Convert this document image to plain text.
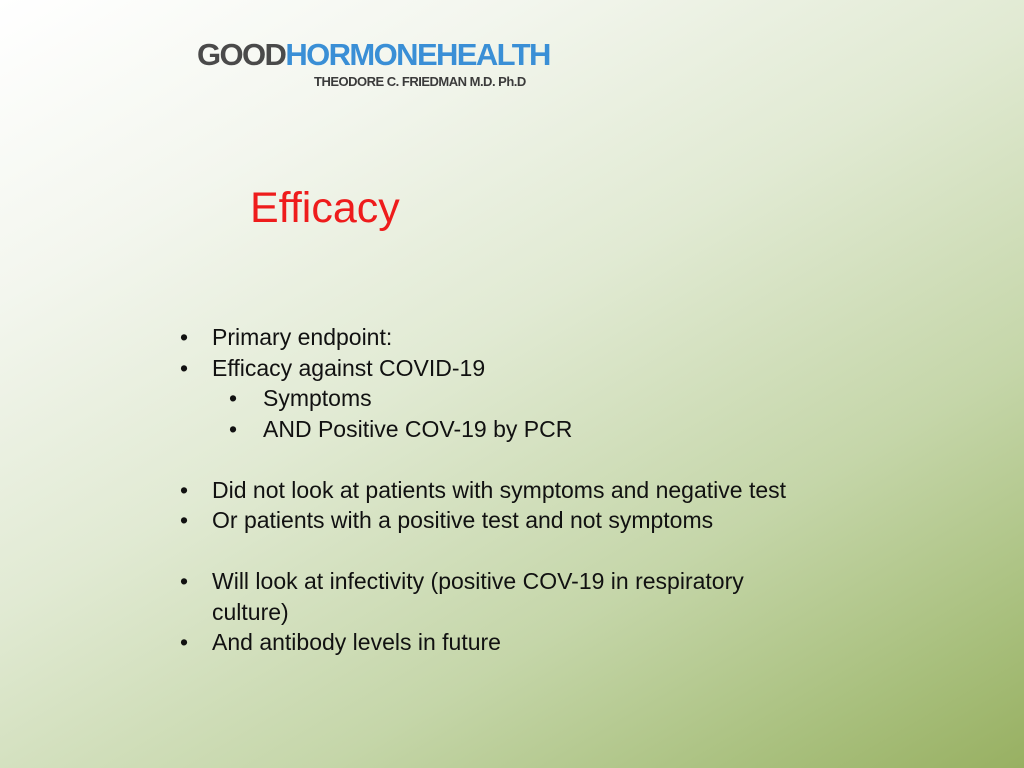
GOODHORMONEHEALTH
THEODORE C. FRIEDMAN M.D. Ph.D
Efficacy
• Primary endpoint:
• Efficacy against COVID-19
• Symptoms
• AND Positive COV-19 by PCR
• Did not look at patients with symptoms and negative test
• Or patients with a positive test and not symptoms
• Will look at infectivity (positive COV-19 in respiratory culture)
• And antibody levels in future
